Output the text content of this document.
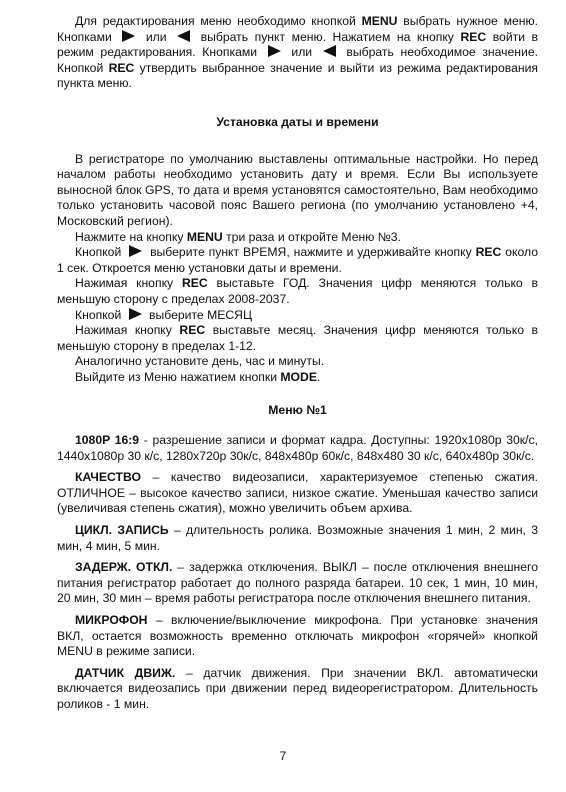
Для редактирования меню необходимо кнопкой MENU выбрать нужное меню. Кнопками  или  выбрать пункт меню. Нажатием на кнопку REC войти в режим редактирования. Кнопками  или  выбрать необходимое значение. Кнопкой REC утвердить выбранное значение и выйти из режима редактирования пункта меню.

Установка даты и времени

В регистраторе по умолчанию выставлены оптимальные настройки. Но перед началом работы необходимо установить дату и время. Если Вы используете выносной блок GPS, то дата и время установятся самостоятельно, Вам необходимо только установить часовой пояс Вашего региона (по умолчанию установлено +4, Московский регион).

Нажмите на кнопку MENU три раза и откройте Меню №3.

Кнопкой  выберите пункт ВРЕМЯ, нажмите и удерживайте кнопку REC около 1 сек. Откроется меню установки даты и времени.

Нажимая кнопку REC выставьте ГОД. Значения цифр меняются только в меньшую сторону с пределах 2008-2037.

Кнопкой  выберите МЕСЯЦ

Нажимая кнопку REC выставьте месяц. Значения цифр меняются только в меньшую сторону в пределах 1-12.

Аналогично установите день, час и минуты.

Выйдите из Меню нажатием кнопки MODE.

Меню №1

1080P 16:9 - разрешение записи и формат кадра. Доступны: 1920x1080p 30к/с, 1440x1080p 30 к/с, 1280x720p 30к/с, 848x480p 60к/с, 848x480 30 к/с, 640x480p 30к/с.

КАЧЕСТВО – качество видеозаписи, характеризуемое степенью сжатия. ОТЛИЧНОЕ – высокое качество записи, низкое сжатие. Уменьшая качество записи (увеличивая степень сжатия), можно увеличить объем архива.

ЦИКЛ. ЗАПИСЬ – длительность ролика. Возможные значения 1 мин, 2 мин, 3 мин, 4 мин, 5 мин.

ЗАДЕРЖ. ОТКЛ. – задержка отключения. ВЫКЛ – после отключения внешнего питания регистратор работает до полного разряда батареи. 10 сек, 1 мин, 10 мин, 20 мин, 30 мин – время работы регистратора после отключения внешнего питания.

МИКРОФОН – включение/выключение микрофона. При установке значения ВКЛ, остается возможность временно отключать микрофон «горячей» кнопкой MENU в режиме записи.

ДАТЧИК ДВИЖ. – датчик движения. При значении ВКЛ. автоматически включается видеозапись при движении перед видеорегистратором. Длительность роликов - 1 мин.

7
